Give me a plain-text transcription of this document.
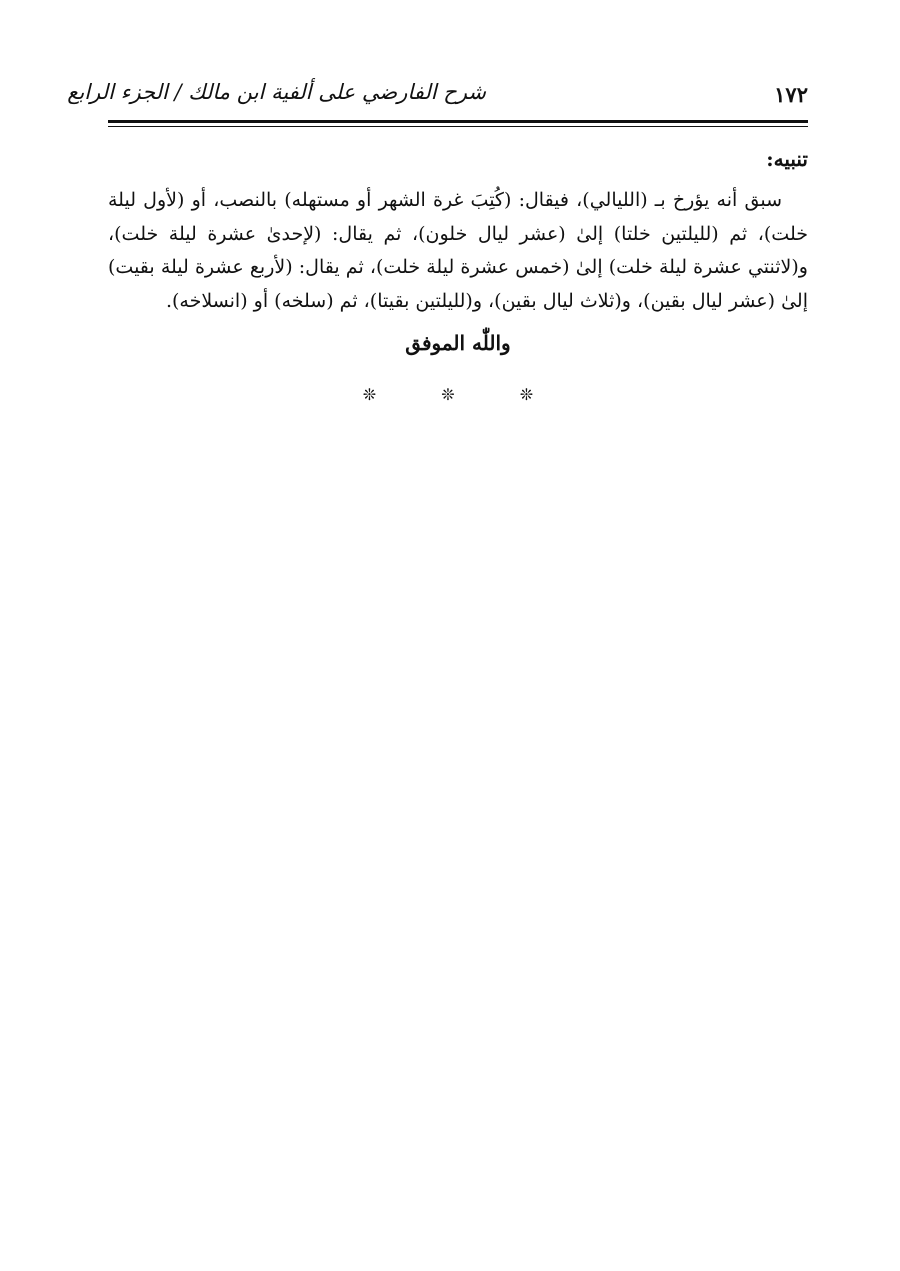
١٧٢
شرح الفارضي على ألفية ابن مالك / الجزء الرابع

تنبيه:

سبق أنه يؤرخ بـ (الليالي)، فيقال: (كُتِبَ غرة الشهر أو مستهله) بالنصب، أو (لأول ليلة خلت)، ثم (لليلتين خلتا) إلىٰ (عشر ليال خلون)، ثم يقال: (لإحدىٰ عشرة ليلة خلت)، و(لاثنتي عشرة ليلة خلت) إلىٰ (خمس عشرة ليلة خلت)، ثم يقال: (لأربع عشرة ليلة بقيت) إلىٰ (عشر ليال بقين)، و(ثلاث ليال بقين)، و(لليلتين بقيتا)، ثم (سلخه) أو (انسلاخه).

واللّٰه الموفق

❊ ❊ ❊
